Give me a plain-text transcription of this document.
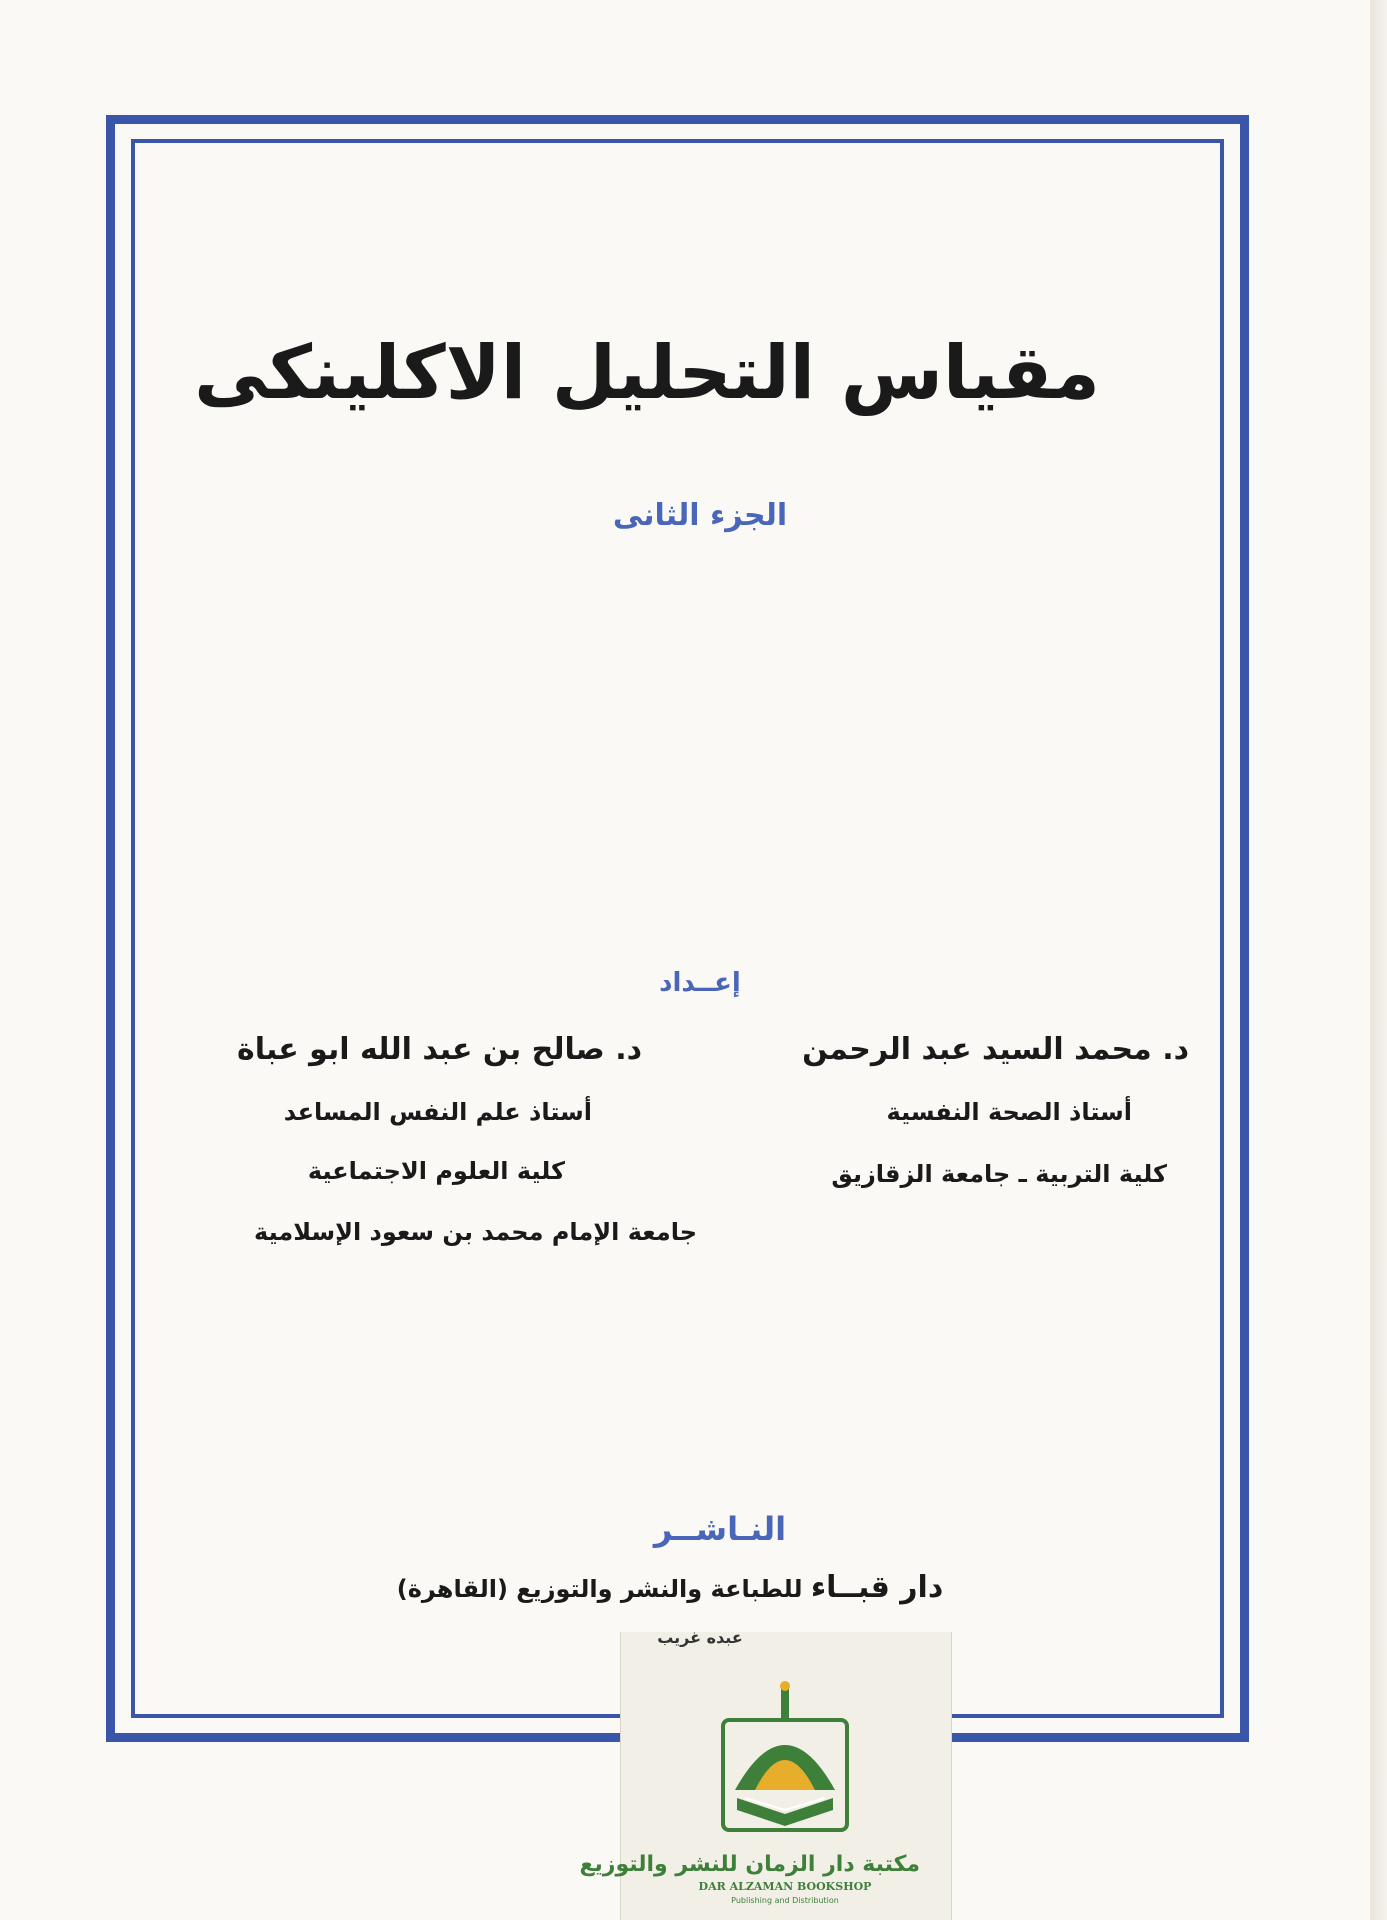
مقياس التحليل الاكلينكى
الجزء الثانى
إعــداد
د. محمد السيد عبد الرحمن
أستاذ الصحة النفسية
كلية التربية ـ جامعة الزقازيق
د. صالح بن عبد الله ابو عباة
أستاذ علم النفس المساعد
كلية العلوم الاجتماعية
جامعة الإمام محمد بن سعود الإسلامية
النـاشــر
دار قبــاء للطباعة والنشر والتوزيع (القاهرة)
عبده غريب
مكتبة دار الزمان للنشر والتوزيع
DAR ALZAMAN BOOKSHOP
Publishing and Distribution
